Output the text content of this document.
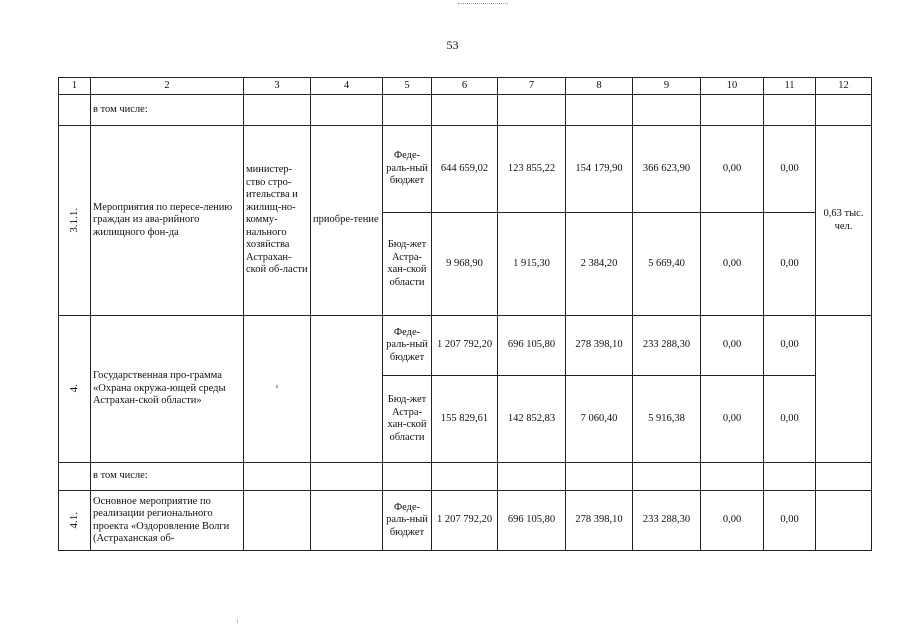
53
1	2	3	4	5	6	7	8	9	10	11	12
	в том числе:										
3.1.1.	Мероприятия по пересе-лению граждан из ава-рийного жилищного фон-да	министер-ство стро-ительства и жилищ-но-комму-нального хозяйства Астрахан-ской об-ласти	приобре-тение	Феде-раль-ный бюджет	644 659,02	123 855,22	154 179,90	366 623,90	0,00	0,00	0,63 тыс. чел.
				Бюд-жет Астра-хан-ской области	9 968,90	1 915,30	2 384,20	5 669,40	0,00	0,00	
4.	Государственная про-грамма «Охрана окружа-ющей среды Астрахан-ской области»	'		Феде-раль-ный бюджет	1 207 792,20	696 105,80	278 398,10	233 288,30	0,00	0,00	
				Бюд-жет Астра-хан-ской области	155 829,61	142 852,83	7 060,40	5 916,38	0,00	0,00	
	в том числе:										
4.1.	Основное мероприятие по реализации регионального проекта «Оздоровление Волги (Астраханская об-			Феде-раль-ный бюджет	1 207 792,20	696 105,80	278 398,10	233 288,30	0,00	0,00	
